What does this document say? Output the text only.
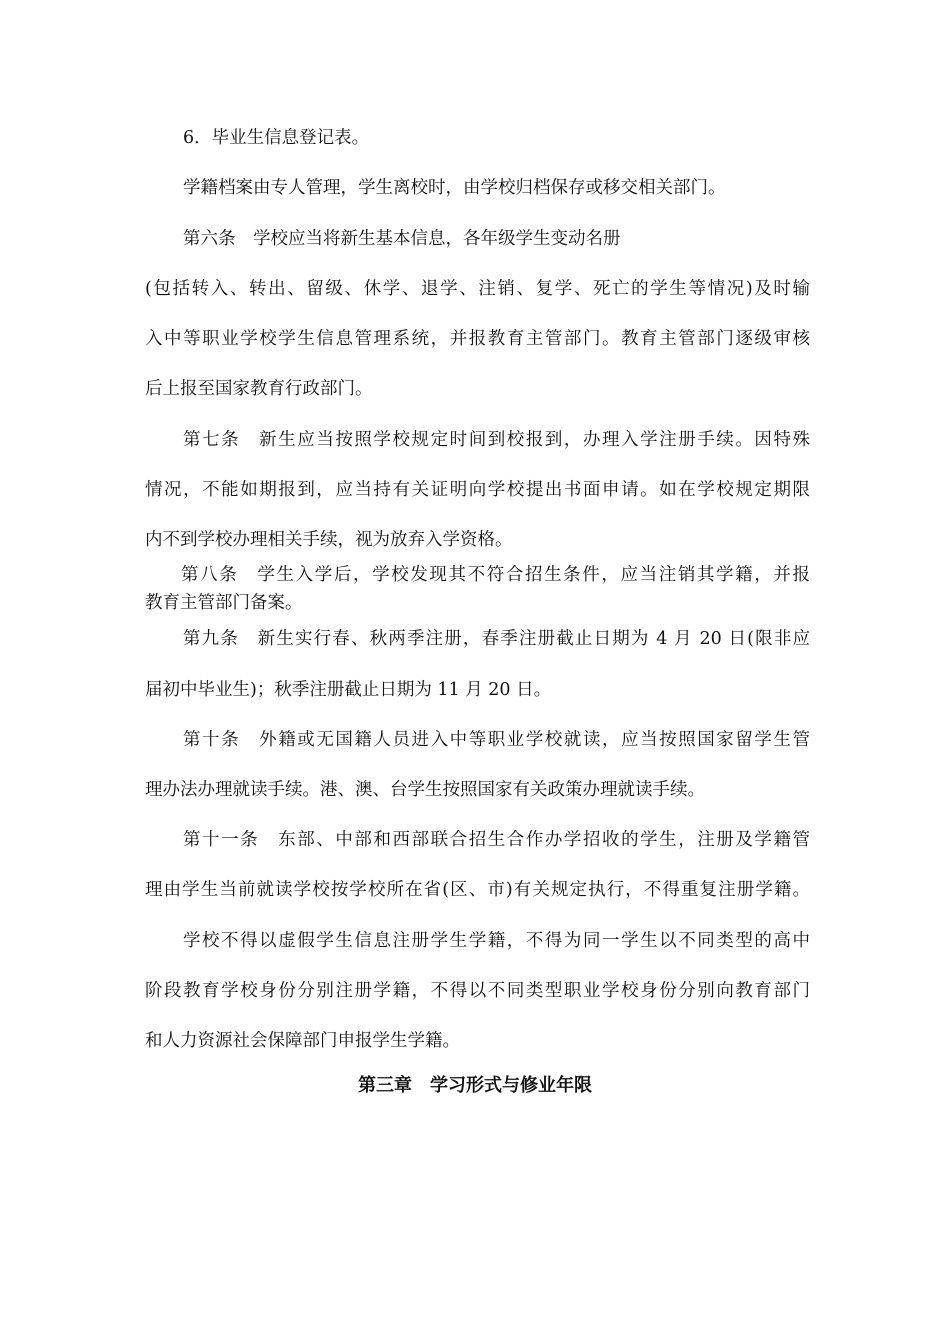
6．毕业生信息登记表。
学籍档案由专人管理，学生离校时，由学校归档保存或移交相关部门。
第六条　学校应当将新生基本信息，各年级学生变动名册
(包括转入、转出、留级、休学、退学、注销、复学、死亡的学生等情况)及时输
入中等职业学校学生信息管理系统，并报教育主管部门。教育主管部门逐级审核
后上报至国家教育行政部门。
第七条　新生应当按照学校规定时间到校报到，办理入学注册手续。因特殊
情况，不能如期报到，应当持有关证明向学校提出书面申请。如在学校规定期限
内不到学校办理相关手续，视为放弃入学资格。
第八条　学生入学后，学校发现其不符合招生条件，应当注销其学籍，并报
教育主管部门备案。
第九条　新生实行春、秋两季注册，春季注册截止日期为 4 月 20 日(限非应
届初中毕业生)；秋季注册截止日期为 11 月 20 日。
第十条　外籍或无国籍人员进入中等职业学校就读，应当按照国家留学生管
理办法办理就读手续。港、澳、台学生按照国家有关政策办理就读手续。
第十一条　东部、中部和西部联合招生合作办学招收的学生，注册及学籍管
理由学生当前就读学校按学校所在省(区、市)有关规定执行，不得重复注册学籍。
学校不得以虚假学生信息注册学生学籍，不得为同一学生以不同类型的高中
阶段教育学校身份分别注册学籍，不得以不同类型职业学校身份分别向教育部门
和人力资源社会保障部门申报学生学籍。
第三章　学习形式与修业年限
